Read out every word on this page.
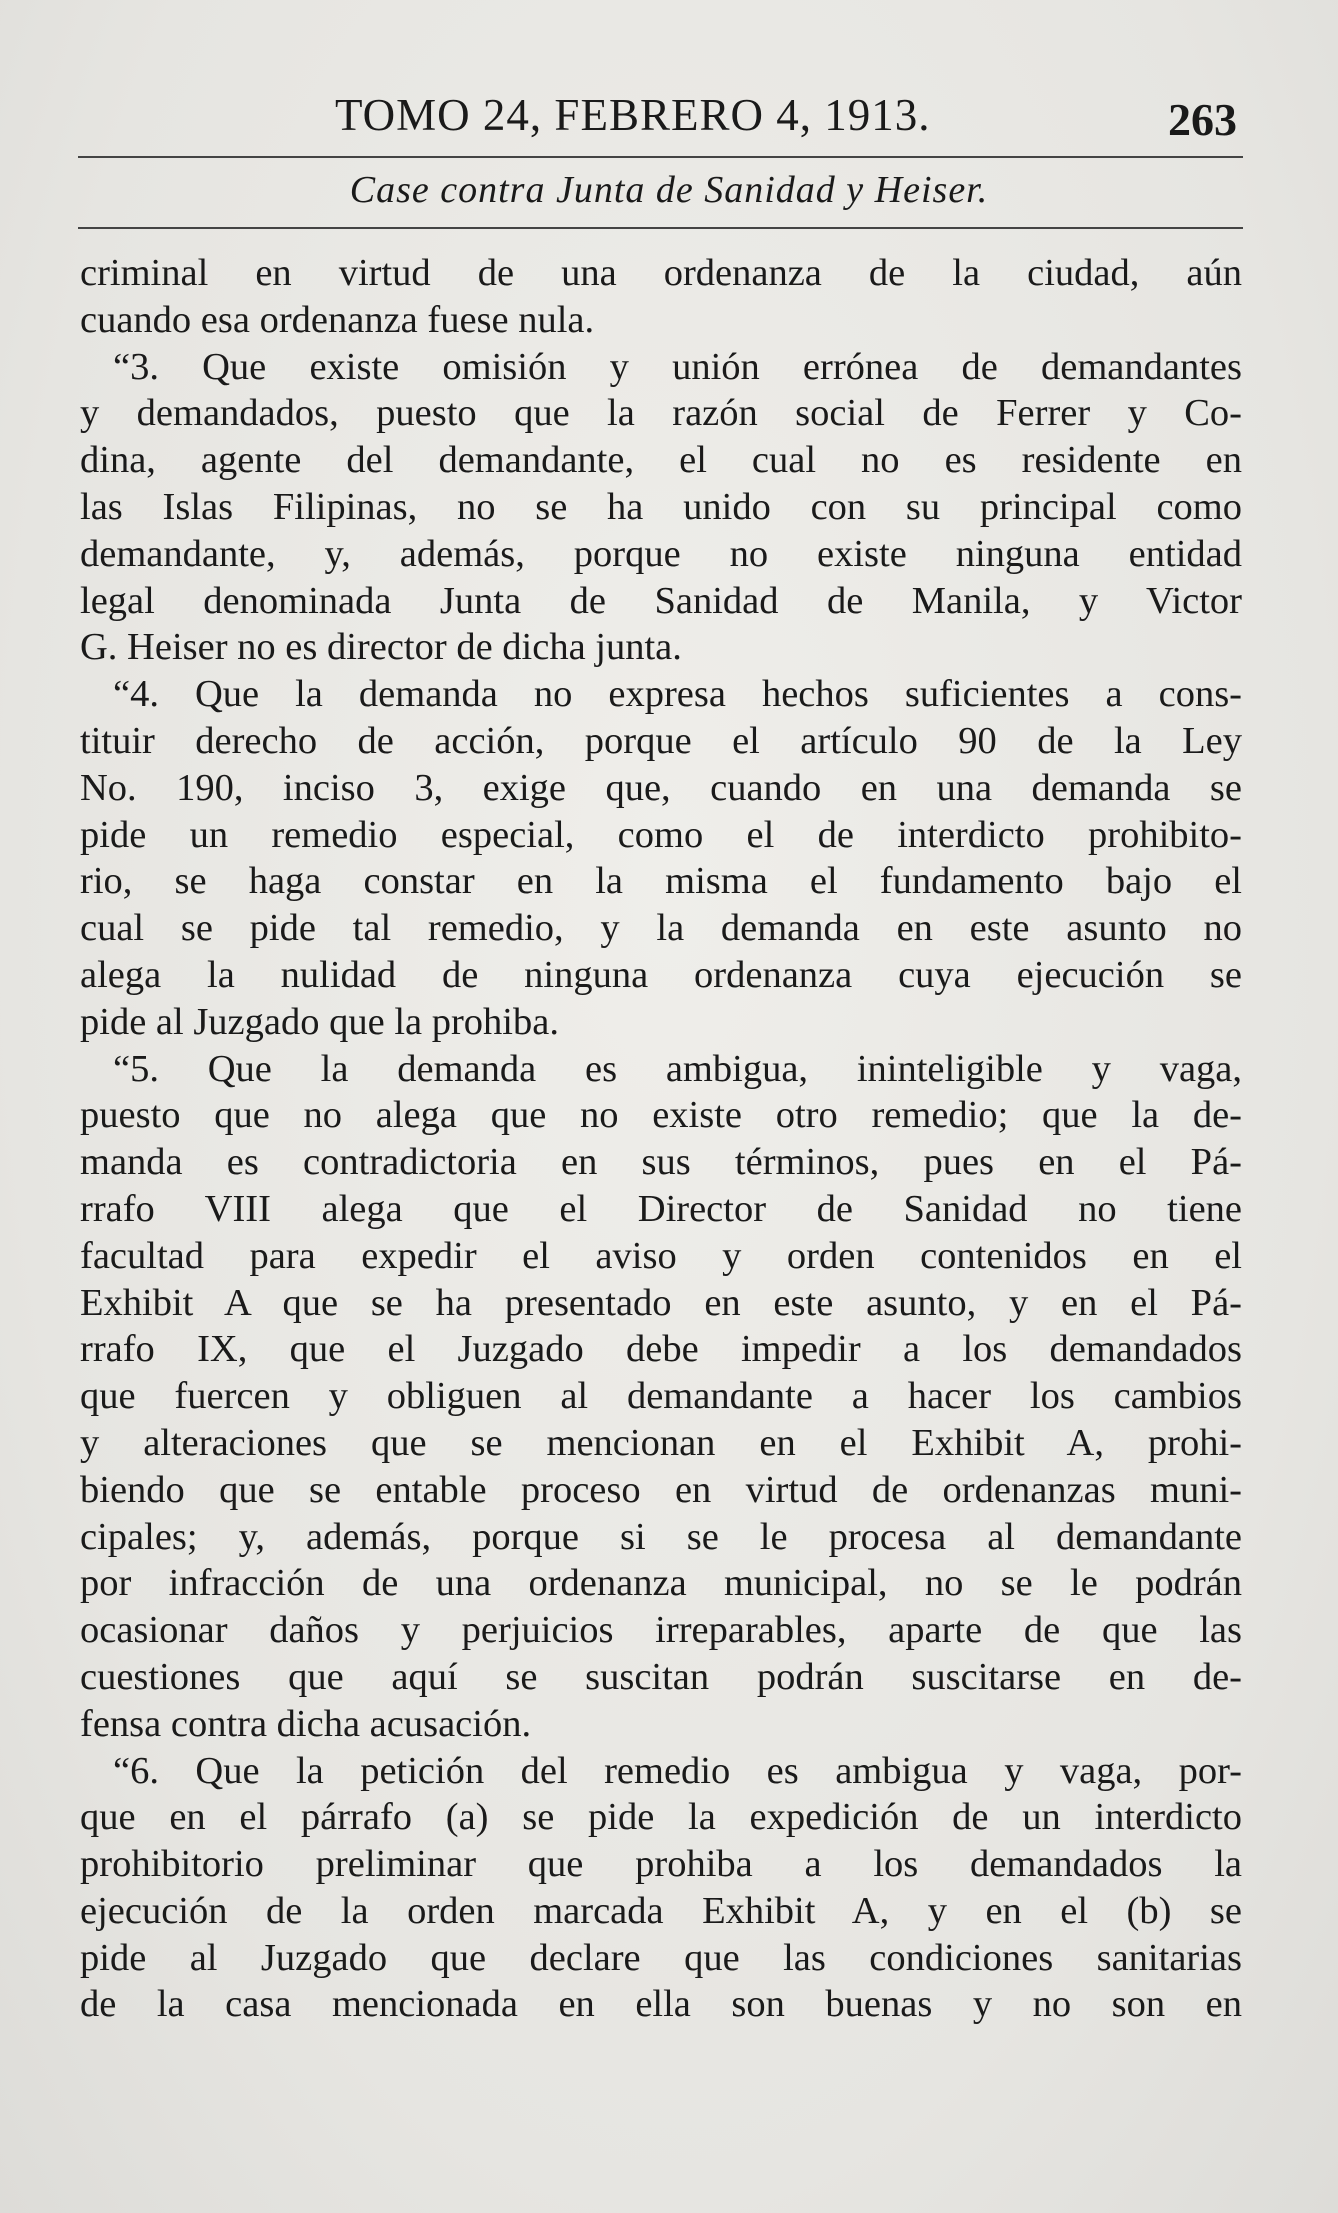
TOMO 24, FEBRERO 4, 1913.	263
Case contra Junta de Sanidad y Heiser.
criminal en virtud de una ordenanza de la ciudad, aún
cuando esa ordenanza fuese nula.
“3. Que existe omisión y unión errónea de demandantes
y demandados, puesto que la razón social de Ferrer y Co-
dina, agente del demandante, el cual no es residente en
las Islas Filipinas, no se ha unido con su principal como
demandante, y, además, porque no existe ninguna entidad
legal denominada Junta de Sanidad de Manila, y Victor
G. Heiser no es director de dicha junta.
“4. Que la demanda no expresa hechos suficientes a cons-
tituir derecho de acción, porque el artículo 90 de la Ley
No. 190, inciso 3, exige que, cuando en una demanda se
pide un remedio especial, como el de interdicto prohibito-
rio, se haga constar en la misma el fundamento bajo el
cual se pide tal remedio, y la demanda en este asunto no
alega la nulidad de ninguna ordenanza cuya ejecución se
pide al Juzgado que la prohiba.
“5. Que la demanda es ambigua, ininteligible y vaga,
puesto que no alega que no existe otro remedio; que la de-
manda es contradictoria en sus términos, pues en el Pá-
rrafo VIII alega que el Director de Sanidad no tiene
facultad para expedir el aviso y orden contenidos en el
Exhibit A que se ha presentado en este asunto, y en el Pá-
rrafo IX, que el Juzgado debe impedir a los demandados
que fuercen y obliguen al demandante a hacer los cambios
y alteraciones que se mencionan en el Exhibit A, prohi-
biendo que se entable proceso en virtud de ordenanzas muni-
cipales; y, además, porque si se le procesa al demandante
por infracción de una ordenanza municipal, no se le podrán
ocasionar daños y perjuicios irreparables, aparte de que las
cuestiones que aquí se suscitan podrán suscitarse en de-
fensa contra dicha acusación.
“6. Que la petición del remedio es ambigua y vaga, por-
que en el párrafo (a) se pide la expedición de un interdicto
prohibitorio preliminar que prohiba a los demandados la
ejecución de la orden marcada Exhibit A, y en el (b) se
pide al Juzgado que declare que las condiciones sanitarias
de la casa mencionada en ella son buenas y no son en
